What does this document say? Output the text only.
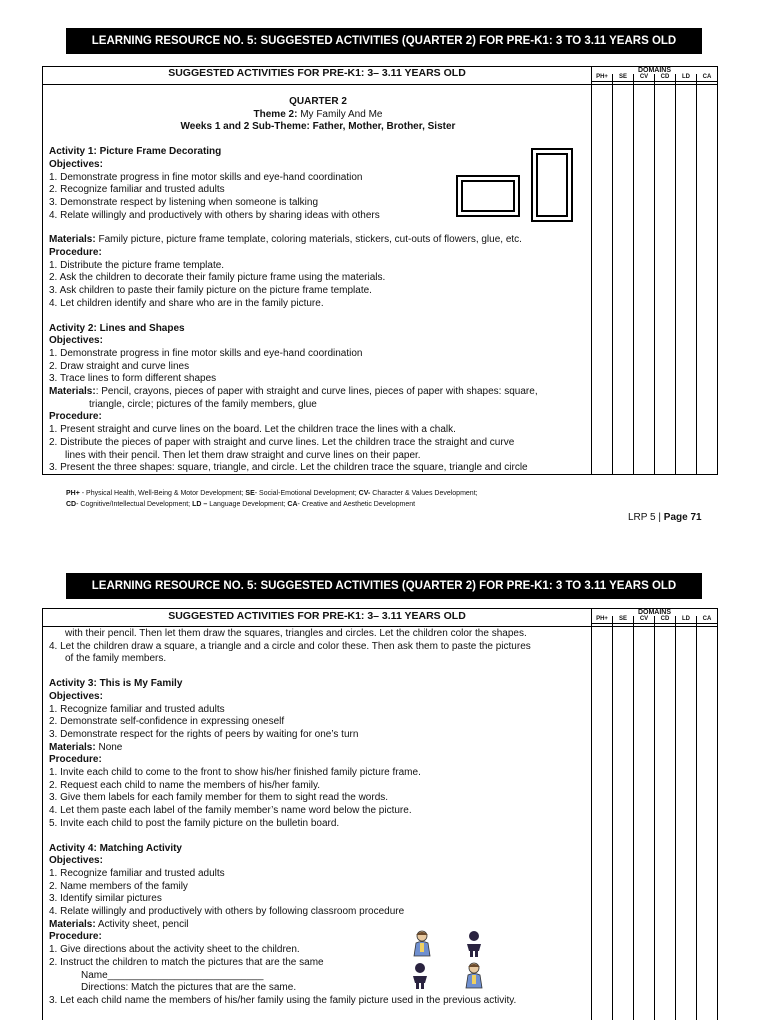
LEARNING RESOURCE NO. 5: SUGGESTED ACTIVITIES (QUARTER 2) FOR PRE-K1: 3 TO 3.11 YEARS OLD
SUGGESTED ACTIVITIES FOR PRE-K1: 3– 3.11 YEARS OLD	DOMAINS
PH+	SE	CV	CD	LD	CA

QUARTER 2

Theme 2: My Family And Me

Weeks 1 and 2 Sub-Theme: Father, Mother, Brother, Sister

Activity 1: Picture Frame Decorating

Objectives:

1. Demonstrate progress in fine motor skills and eye-hand coordination

2. Recognize familiar and trusted adults

3. Demonstrate respect by listening when someone is talking

4. Relate willingly and productively with others by sharing ideas with others

Materials: Family picture, picture frame template, coloring materials, stickers, cut-outs of flowers, glue, etc.

Procedure:

1. Distribute the picture frame template.

2. Ask the children to decorate their family picture frame using the materials.

3. Ask children to paste their family picture on the picture frame template.

4. Let children identify and share who are in the family picture.

Activity 2: Lines and Shapes

Objectives:

1. Demonstrate progress in fine motor skills and eye-hand coordination

2. Draw straight and curve lines

3. Trace lines to form different shapes

Materials:: Pencil, crayons, pieces of paper with straight and curve lines, pieces of paper with shapes: square,

triangle, circle; pictures of the family members, glue

Procedure:

1. Present straight and curve lines on the board. Let the children trace the lines with a chalk.

2. Distribute the pieces of paper with straight and curve lines. Let the children trace the straight and curve

lines with their pencil. Then let them draw straight and curve lines on their paper.

3. Present the three shapes: square, triangle, and circle. Let the children trace the square, triangle and circle

PH+ - Physical Health, Well-Being & Motor Development; SE- Social-Emotional Development; CV- Character & Values Development;
CD- Cognitive/Intellectual Development; LD – Language Development; CA- Creative and Aesthetic Development
LRP 5 | Page 71
LEARNING RESOURCE NO. 5: SUGGESTED ACTIVITIES (QUARTER 2) FOR PRE-K1: 3 TO 3.11 YEARS OLD
SUGGESTED ACTIVITIES FOR PRE-K1: 3– 3.11 YEARS OLD	DOMAINS
PH+	SE	CV	CD	LD	CA

with their pencil. Then let them draw the squares, triangles and circles. Let the children color the shapes.

4. Let the children draw a square, a triangle and a circle and color these. Then ask them to paste the pictures

of the family members.

Activity 3: This is My Family

Objectives:

1. Recognize familiar and trusted adults

2. Demonstrate self-confidence in expressing oneself

3. Demonstrate respect for the rights of peers by waiting for one’s turn

Materials: None

Procedure:

1. Invite each child to come to the front to show his/her finished family picture frame.

2. Request each child to name the members of his/her family.

3. Give them labels for each family member for them to sight read the words.

4. Let them paste each label of the family member’s name word below the picture.

5. Invite each child to post the family picture on the bulletin board.

Activity 4: Matching Activity

Objectives:

1. Recognize familiar and trusted adults

2. Name members of the family

3. Identify similar pictures

4. Relate willingly and productively with others by following classroom procedure

Materials: Activity sheet, pencil

Procedure:

1. Give directions about the activity sheet to the children.

2. Instruct the children to match the pictures that are the same

Name____________________________

Directions: Match the pictures that are the same.

3. Let each child name the members of his/her family using the family picture used in the previous activity.
